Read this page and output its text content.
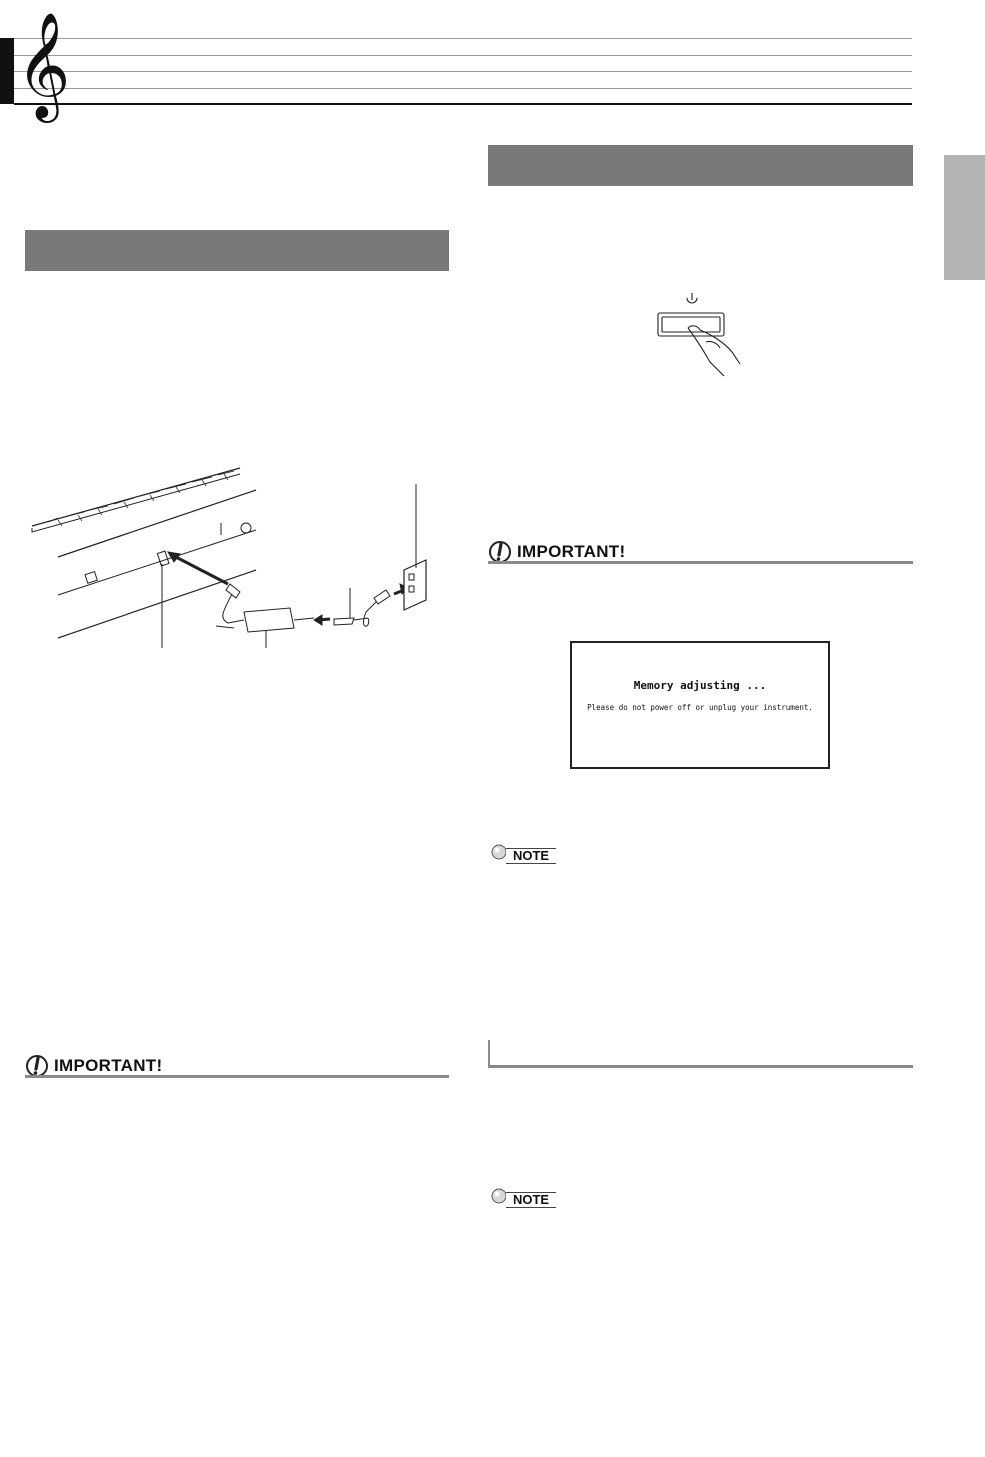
𝄞
IMPORTANT!
Memory adjusting ...
Please do not power off or unplug your instrument.
NOTE
NOTE
IMPORTANT!
